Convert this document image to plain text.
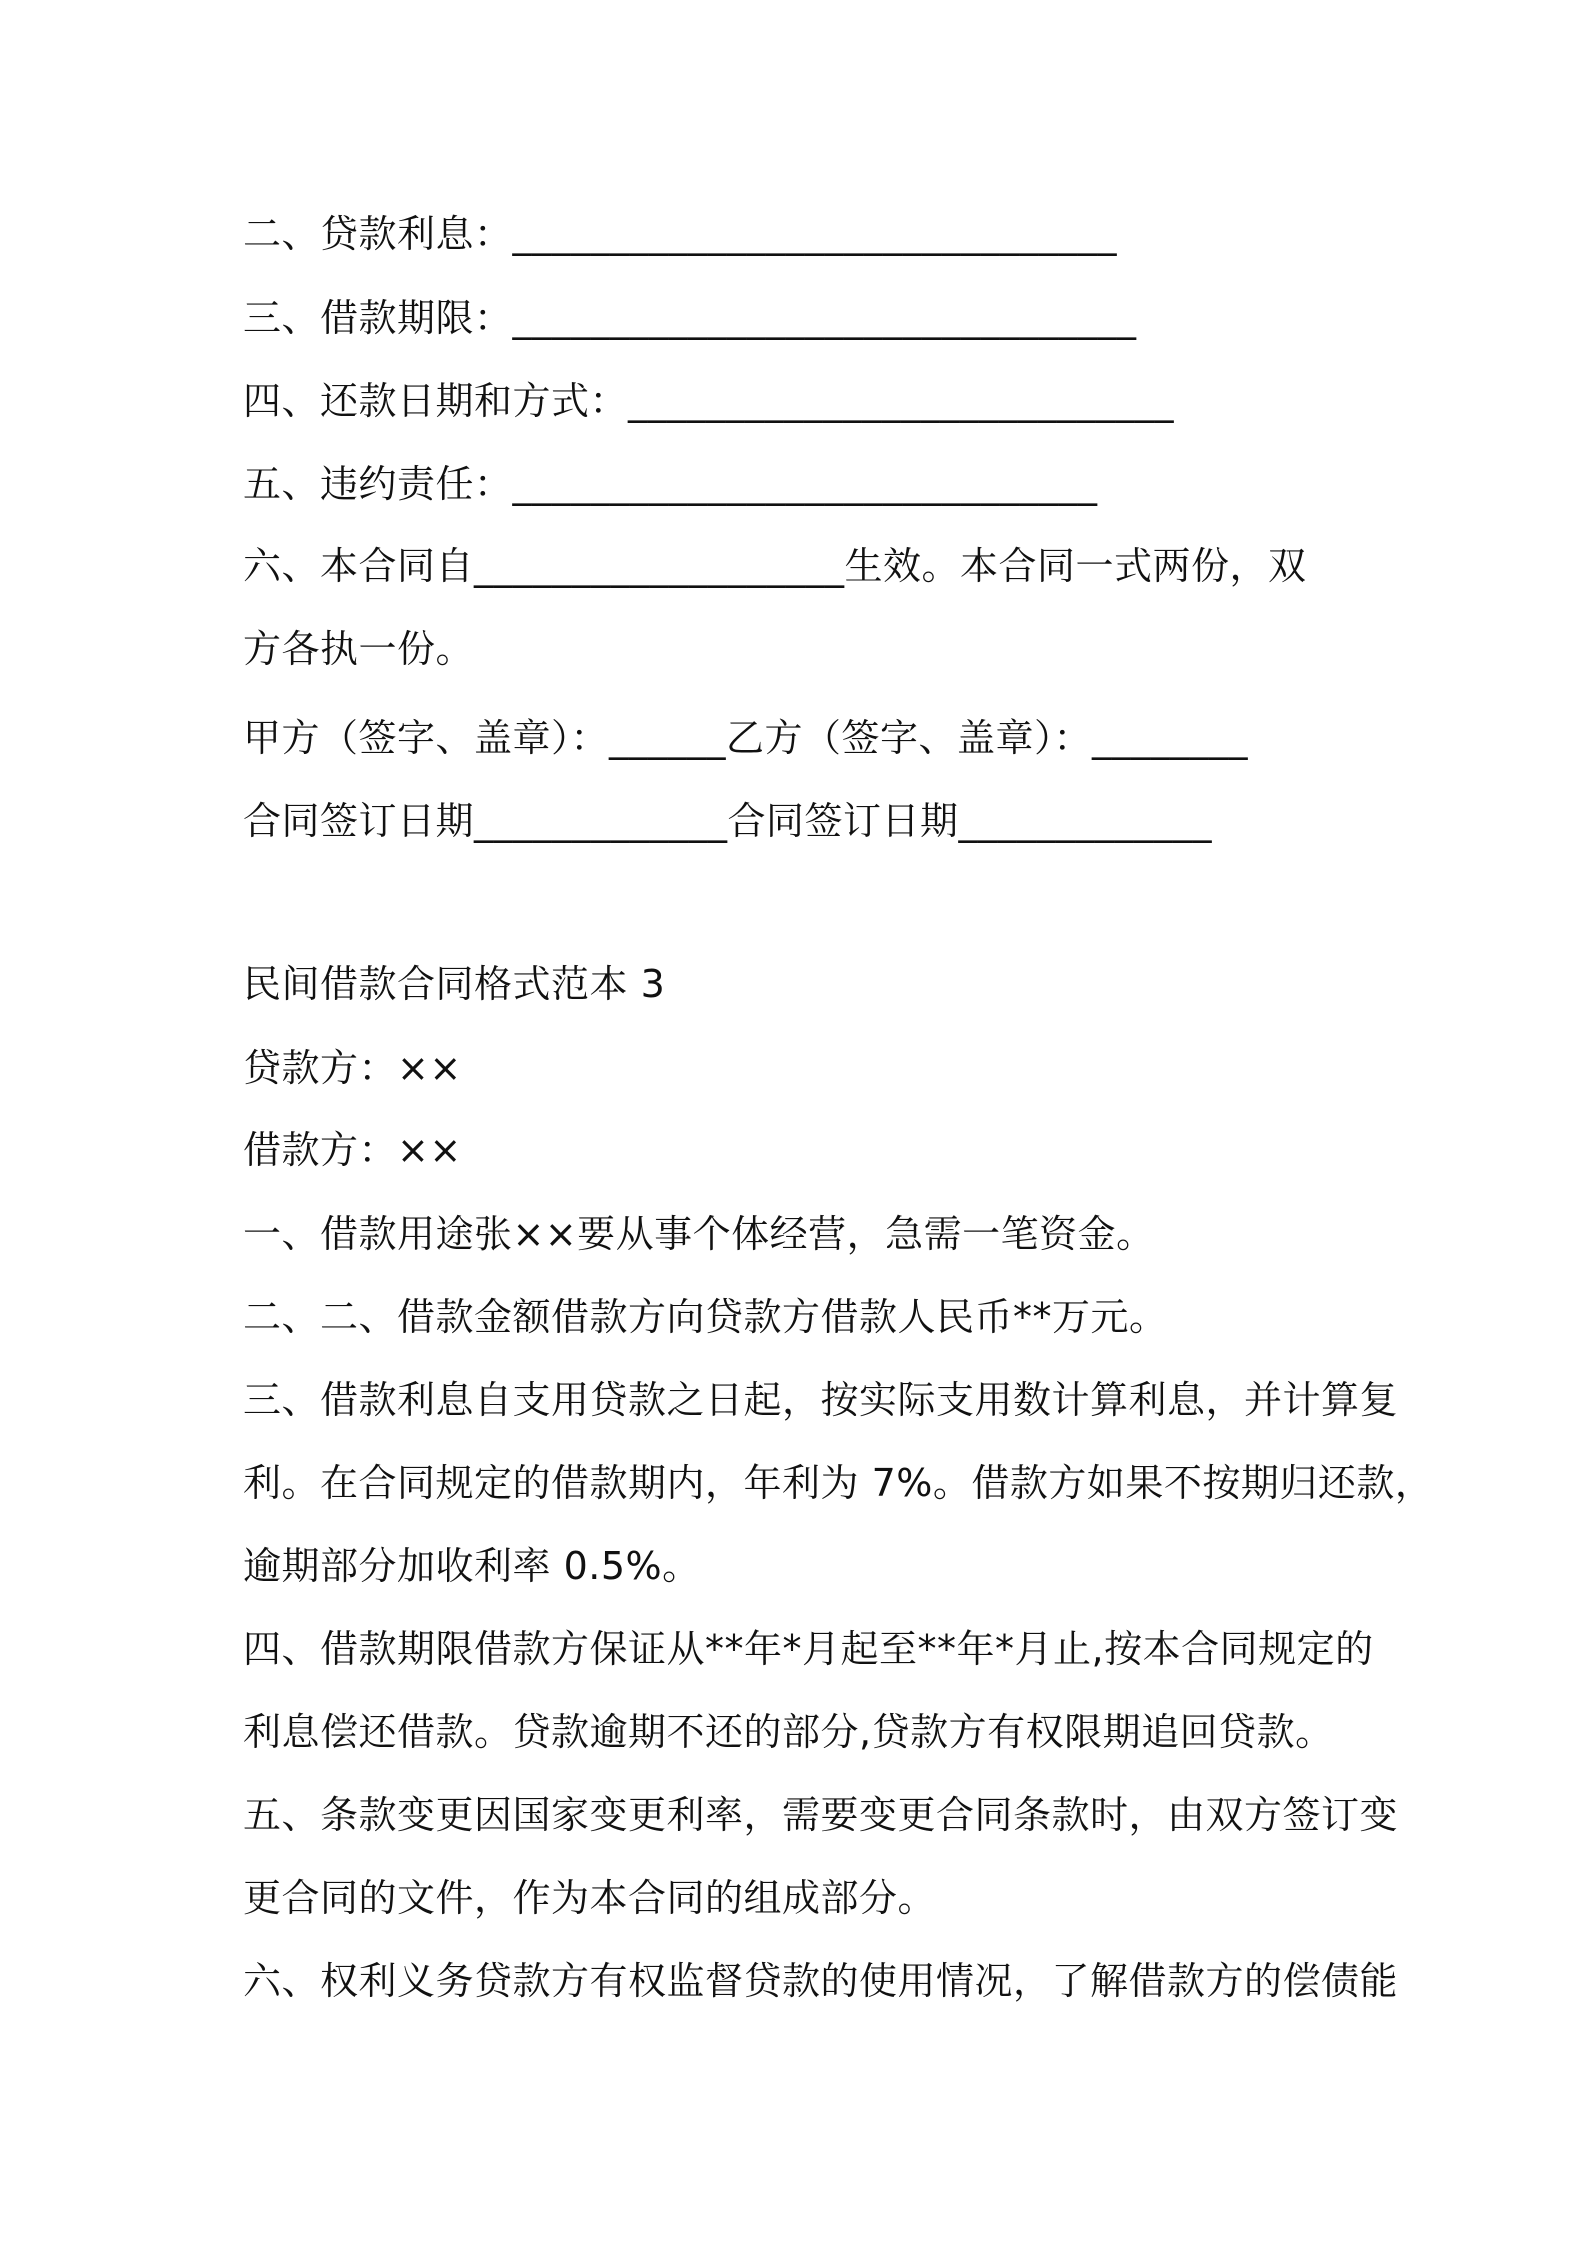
二、贷款利息：_______________________________
三、借款期限：________________________________
四、还款日期和方式：____________________________
五、违约责任：______________________________
六、本合同自___________________生效。本合同一式两份，双
方各执一份。
甲方（签字、盖章）：______乙方（签字、盖章）：________
合同签订日期_____________合同签订日期_____________
民间借款合同格式范本 3
贷款方：××
借款方：××
一、借款用途张××要从事个体经营，急需一笔资金。
二、二、借款金额借款方向贷款方借款人民币**万元。
三、借款利息自支用贷款之日起，按实际支用数计算利息，并计算复
利。在合同规定的借款期内，年利为 7%。借款方如果不按期归还款，
逾期部分加收利率 0.5%。
四、借款期限借款方保证从**年*月起至**年*月止,按本合同规定的
利息偿还借款。贷款逾期不还的部分,贷款方有权限期追回贷款。
五、条款变更因国家变更利率，需要变更合同条款时，由双方签订变
更合同的文件，作为本合同的组成部分。
六、权利义务贷款方有权监督贷款的使用情况，了解借款方的偿债能
